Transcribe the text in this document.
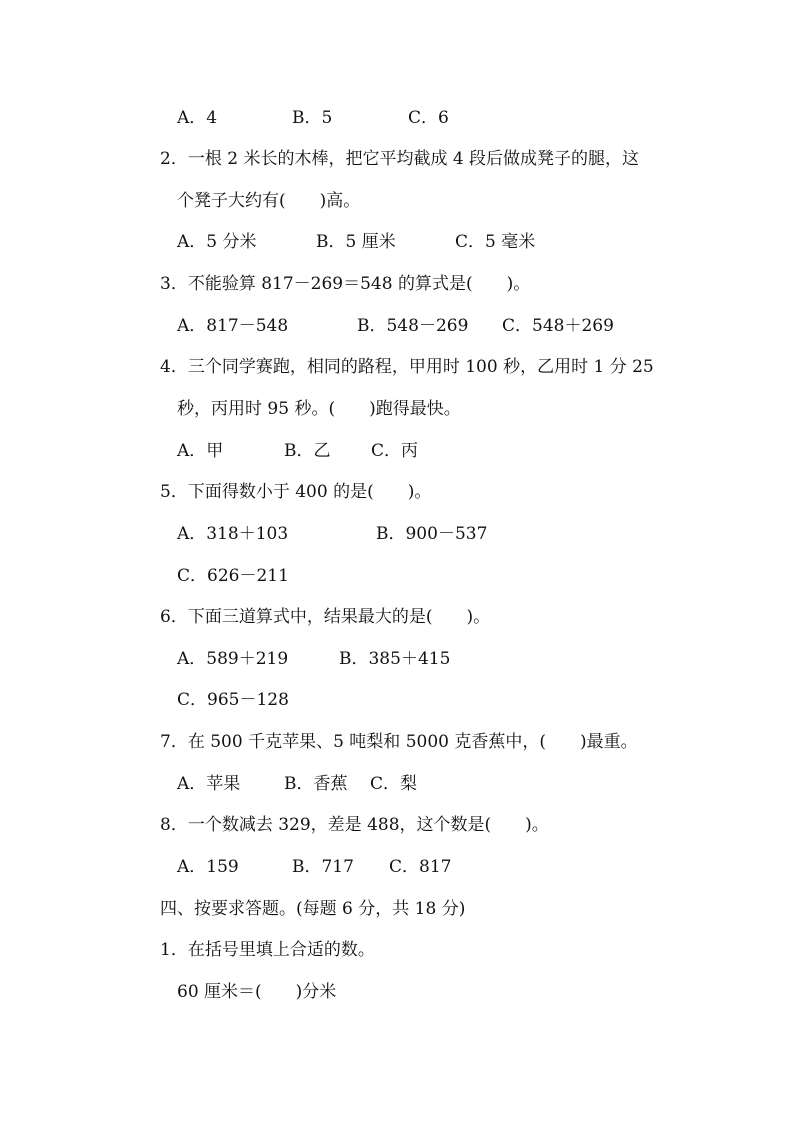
A．4	B．5	C．6
2．一根 2 米长的木棒，把它平均截成 4 段后做成凳子的腿，这
个凳子大约有(　　)高。
A．5 分米	B．5 厘米	C．5 毫米
3．不能验算 817－269＝548 的算式是(　　)。
A．817－548	B．548－269 C．548＋269
4．三个同学赛跑，相同的路程，甲用时 100 秒，乙用时 1 分 25
秒，丙用时 95 秒。(　　)跑得最快。
A．甲	B．乙 C．丙
5．下面得数小于 400 的是(　　)。
A．318＋103	B．900－537
C．626－211
6．下面三道算式中，结果最大的是(　　)。
A．589＋219	B．385＋415
C．965－128
7．在 500 千克苹果、5 吨梨和 5000 克香蕉中，(　　)最重。
A．苹果	B．香蕉 C．梨
8．一个数减去 329，差是 488，这个数是(　　)。
A．159	B．717 C．817
四、按要求答题。(每题 6 分，共 18 分)
1．在括号里填上合适的数。
60 厘米＝(　　)分米
